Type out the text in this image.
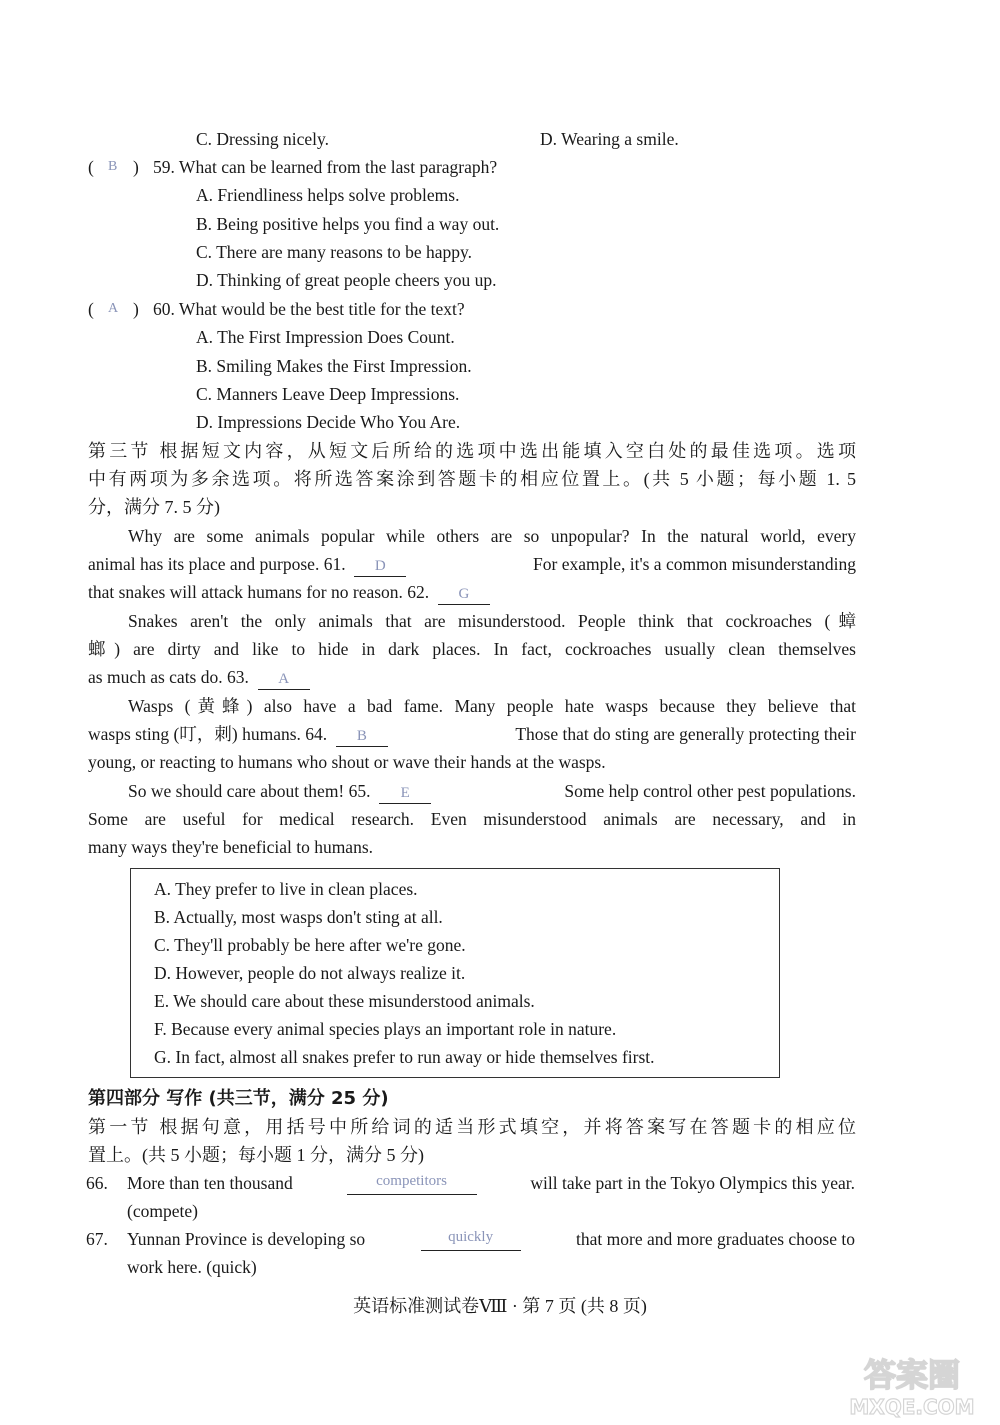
C. Dressing nicely.	D. Wearing a smile.
( B ) 59. What can be learned from the last paragraph?
A. Friendliness helps solve problems.
B. Being positive helps you find a way out.
C. There are many reasons to be happy.
D. Thinking of great people cheers you up.
( A ) 60. What would be the best title for the text?
A. The First Impression Does Count.
B. Smiling Makes the First Impression.
C. Manners Leave Deep Impressions.
D. Impressions Decide Who You Are.
第三节 根据短文内容，从短文后所给的选项中选出能填入空白处的最佳选项。选项
中有两项为多余选项。将所选答案涂到答题卡的相应位置上。(共 5 小题；每小题 1. 5
分，满分 7. 5 分)
Why are some animals popular while others are so unpopular? In the natural world, every
animal has its place and purpose. 61. D	For example, it's a common misunderstanding
that snakes will attack humans for no reason. 62. G
Snakes aren't the only animals that are misunderstood. People think that cockroaches (蟑
螂) are dirty and like to hide in dark places. In fact, cockroaches usually clean themselves
as much as cats do. 63. A
Wasps (黄蜂) also have a bad fame. Many people hate wasps because they believe that
wasps sting (叮，刺) humans. 64. B	Those that do sting are generally protecting their
young, or reacting to humans who shout or wave their hands at the wasps.
So we should care about them! 65. E	Some help control other pest populations.
Some are useful for medical research. Even misunderstood animals are necessary, and in
many ways they're beneficial to humans.
A. They prefer to live in clean places.
B. Actually, most wasps don't sting at all.
C. They'll probably be here after we're gone.
D. However, people do not always realize it.
E. We should care about these misunderstood animals.
F. Because every animal species plays an important role in nature.
G. In fact, almost all snakes prefer to run away or hide themselves first.
第四部分 写作 (共三节，满分 25 分)
第一节 根据句意，用括号中所给词的适当形式填空，并将答案写在答题卡的相应位
置上。(共 5 小题；每小题 1 分，满分 5 分)
66. More than ten thousand	competitors	will take part in the Tokyo Olympics this year.
(compete)
67. Yunnan Province is developing so	quickly	that more and more graduates choose to
work here. (quick)
英语标准测试卷Ⅷ · 第 7 页 (共 8 页)
答案圈
MXQE.COM
